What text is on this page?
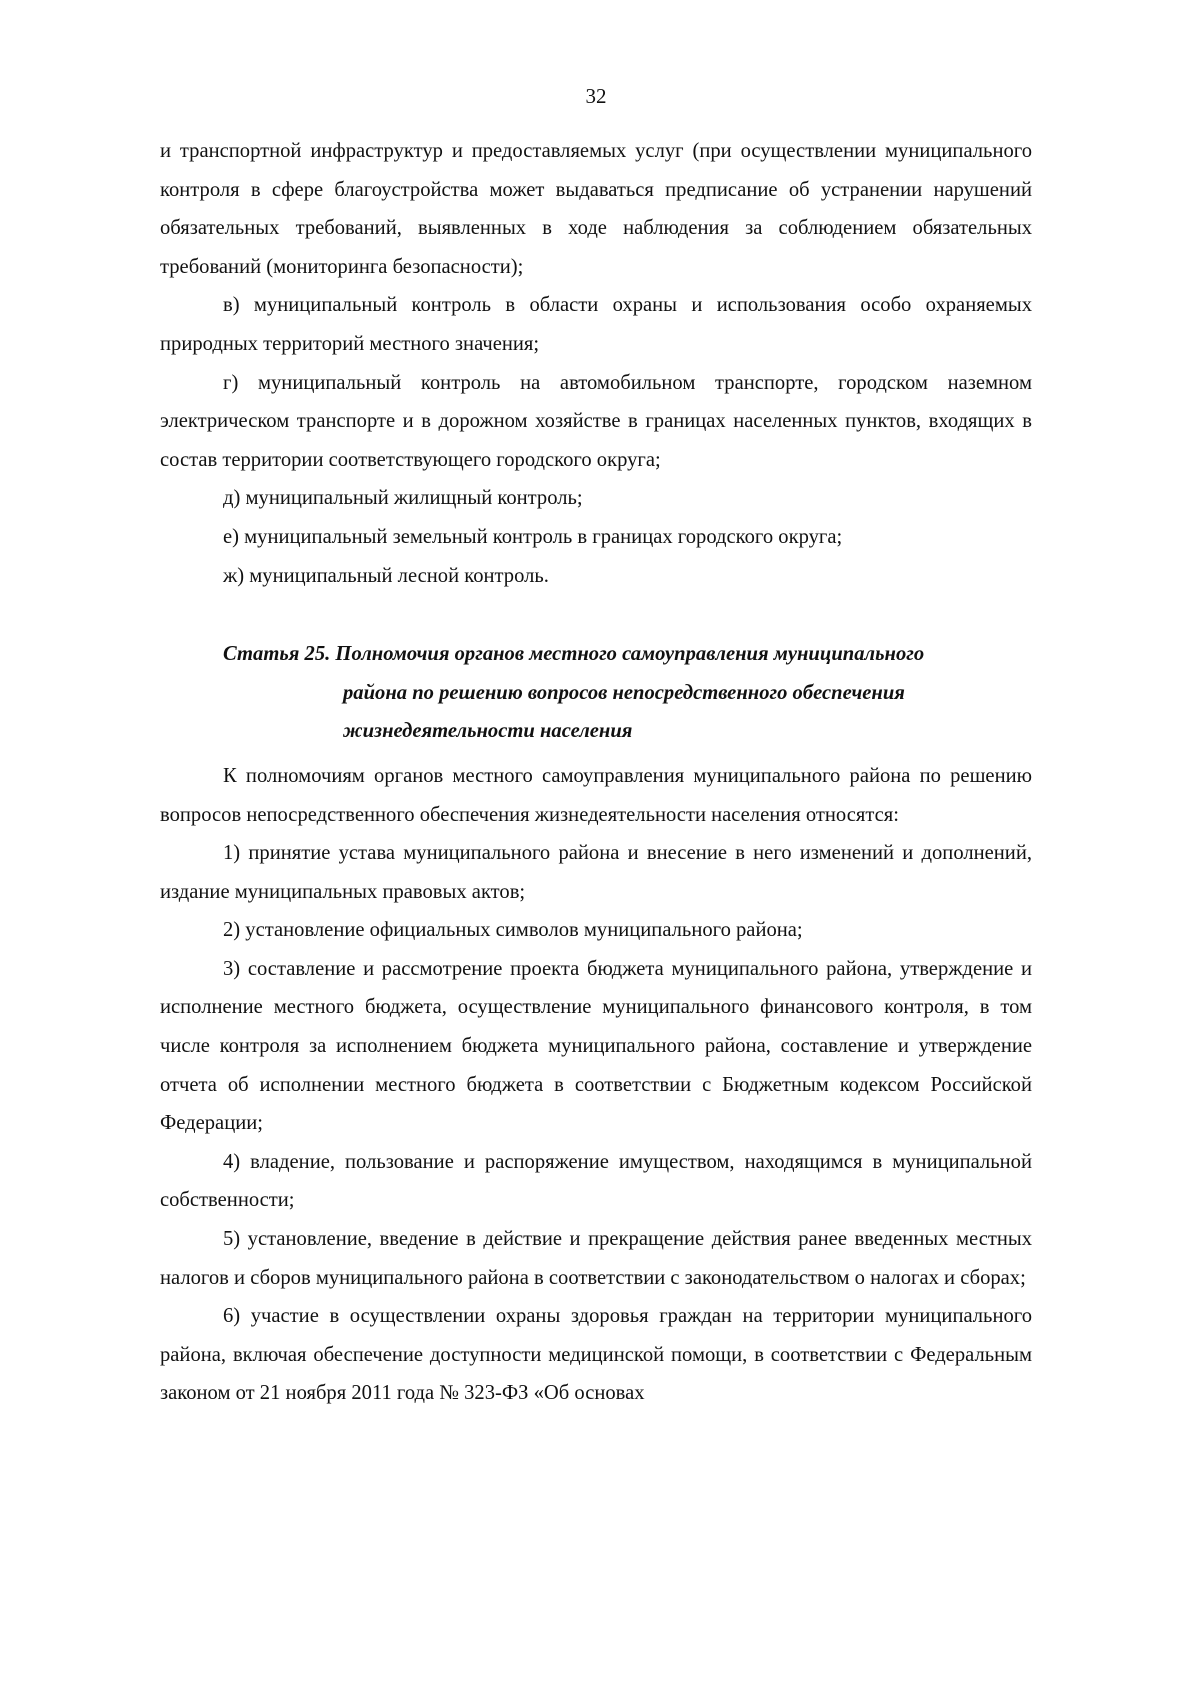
32

и транспортной инфраструктур и предоставляемых услуг (при осуществлении муниципального контроля в сфере благоустройства может выдаваться предписание об устранении нарушений обязательных требований, выявленных в ходе наблюдения за соблюдением обязательных требований (мониторинга безопасности);

в) муниципальный контроль в области охраны и использования особо охраняемых природных территорий местного значения;

г) муниципальный контроль на автомобильном транспорте, городском наземном электрическом транспорте и в дорожном хозяйстве в границах населенных пунктов, входящих в состав территории соответствующего городского округа;

д) муниципальный жилищный контроль;

е) муниципальный земельный контроль в границах городского округа;

ж) муниципальный лесной контроль.

Статья 25. Полномочия органов местного самоуправления муниципального
района по решению вопросов непосредственного обеспечения
жизнедеятельности населения

К полномочиям органов местного самоуправления муниципального района по решению вопросов непосредственного обеспечения жизнедеятельности населения относятся:

1) принятие устава муниципального района и внесение в него изменений и дополнений, издание муниципальных правовых актов;

2) установление официальных символов муниципального района;

3) составление и рассмотрение проекта бюджета муниципального района, утверждение и исполнение местного бюджета, осуществление муниципального финансового контроля, в том числе контроля за исполнением бюджета муниципального района, составление и утверждение отчета об исполнении местного бюджета в соответствии с Бюджетным кодексом Российской Федерации;

4) владение, пользование и распоряжение имуществом, находящимся в муниципальной собственности;

5) установление, введение в действие и прекращение действия ранее введенных местных налогов и сборов муниципального района в соответствии с законодательством о налогах и сборах;

6) участие в осуществлении охраны здоровья граждан на территории муниципального района, включая обеспечение доступности медицинской помощи, в соответствии с Федеральным законом от 21 ноября 2011 года № 323-ФЗ «Об основах
